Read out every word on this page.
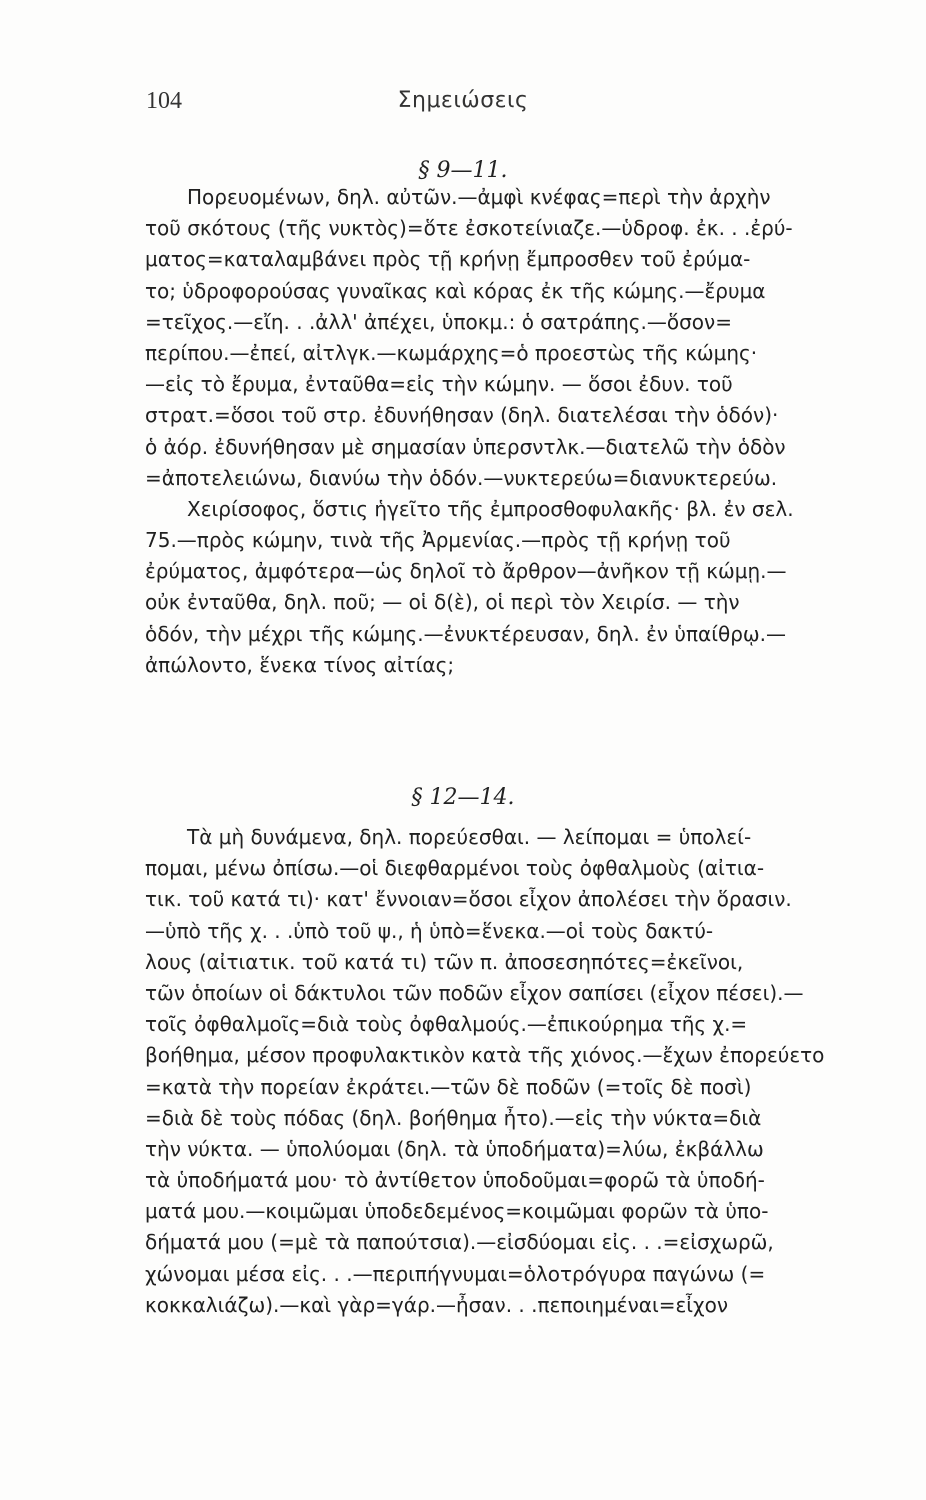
104	Σημειώσεις
§ 9—11.
Πορευομένων, δηλ. αὐτῶν.—ἀμφὶ κνέφας=περὶ τὴν ἀρχὴν
τοῦ σκότους (τῆς νυκτὸς)=ὅτε ἐσκοτείνιαζε.—ὑδροφ. ἐκ. . .ἐρύ-
ματος=καταλαμβάνει πρὸς τῇ κρήνῃ ἔμπροσθεν τοῦ ἐρύμα-
το; ὑδροφορούσας γυναῖκας καὶ κόρας ἐκ τῆς κώμης.—ἔρυμα
=τεῖχος.—εἴη. . .ἀλλ' ἀπέχει, ὑποκμ.: ὁ σατράπης.—ὅσον=
περίπου.—ἐπεί, αἰτλγκ.—κωμάρχης=ὁ προεστὼς τῆς κώμης·
—εἰς τὸ ἔρυμα, ἐνταῦθα=εἰς τὴν κώμην. — ὅσοι ἐδυν. τοῦ
στρατ.=ὅσοι τοῦ στρ. ἐδυνήθησαν (δηλ. διατελέσαι τὴν ὁδόν)·
ὁ ἀόρ. ἐδυνήθησαν μὲ σημασίαν ὑπερσντλκ.—διατελῶ τὴν ὁδὸν
=ἀποτελειώνω, διανύω τὴν ὁδόν.—νυκτερεύω=διανυκτερεύω.
Χειρίσοφος, ὅστις ἡγεῖτο τῆς ἐμπροσθοφυλακῆς· βλ. ἐν σελ.
75.—πρὸς κώμην, τινὰ τῆς Ἀρμενίας.—πρὸς τῇ κρήνῃ τοῦ
ἐρύματος, ἀμφότερα—ὡς δηλοῖ τὸ ἄρθρον—ἀνῆκον τῇ κώμῃ.—
οὐκ ἐνταῦθα, δηλ. ποῦ; — οἱ δ(ὲ), οἱ περὶ τὸν Χειρίσ. — τὴν
ὁδόν, τὴν μέχρι τῆς κώμης.—ἐνυκτέρευσαν, δηλ. ἐν ὑπαίθρῳ.—
ἀπώλοντο, ἕνεκα τίνος αἰτίας;
§ 12—14.
Τὰ μὴ δυνάμενα, δηλ. πορεύεσθαι. — λείπομαι = ὑπολεί-
πομαι, μένω ὀπίσω.—οἱ διεφθαρμένοι τοὺς ὀφθαλμοὺς (αἰτια-
τικ. τοῦ κατά τι)· κατ' ἔννοιαν=ὅσοι εἶχον ἀπολέσει τὴν ὅρασιν.
—ὑπὸ τῆς χ. . .ὑπὸ τοῦ ψ., ἡ ὑπὸ=ἕνεκα.—οἱ τοὺς δακτύ-
λους (αἰτιατικ. τοῦ κατά τι) τῶν π. ἀποσεσηπότες=ἐκεῖνοι,
τῶν ὁποίων οἱ δάκτυλοι τῶν ποδῶν εἶχον σαπίσει (εἶχον πέσει).—
τοῖς ὀφθαλμοῖς=διὰ τοὺς ὀφθαλμούς.—ἐπικούρημα τῆς χ.=
βοήθημα, μέσον προφυλακτικὸν κατὰ τῆς χιόνος.—ἔχων ἐπορεύετο
=κατὰ τὴν πορείαν ἐκράτει.—τῶν δὲ ποδῶν (=τοῖς δὲ ποσὶ)
=διὰ δὲ τοὺς πόδας (δηλ. βοήθημα ἦτο).—εἰς τὴν νύκτα=διὰ
τὴν νύκτα. — ὑπολύομαι (δηλ. τὰ ὑποδήματα)=λύω, ἐκβάλλω
τὰ ὑποδήματά μου· τὸ ἀντίθετον ὑποδοῦμαι=φορῶ τὰ ὑποδή-
ματά μου.—κοιμῶμαι ὑποδεδεμένος=κοιμῶμαι φορῶν τὰ ὑπο-
δήματά μου (=μὲ τὰ παπούτσια).—εἰσδύομαι εἰς. . .=εἰσχωρῶ,
χώνομαι μέσα εἰς. . .—περιπήγνυμαι=ὁλοτρόγυρα παγώνω (=
κοκκαλιάζω).—καὶ γὰρ=γάρ.—ἦσαν. . .πεποιημέναι=εἶχον
